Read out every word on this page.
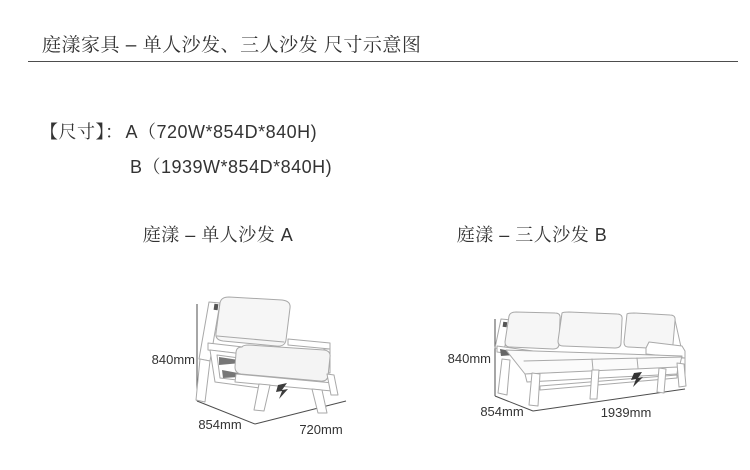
庭漾家具 – 单人沙发、三人沙发 尺寸示意图
【尺寸】： A（720W*854D*840H)
B（1939W*854D*840H)
庭漾 – 单人沙发 A	庭漾 – 三人沙发 B
840mm
854mm	720mm
840mm
854mm	1939mm
